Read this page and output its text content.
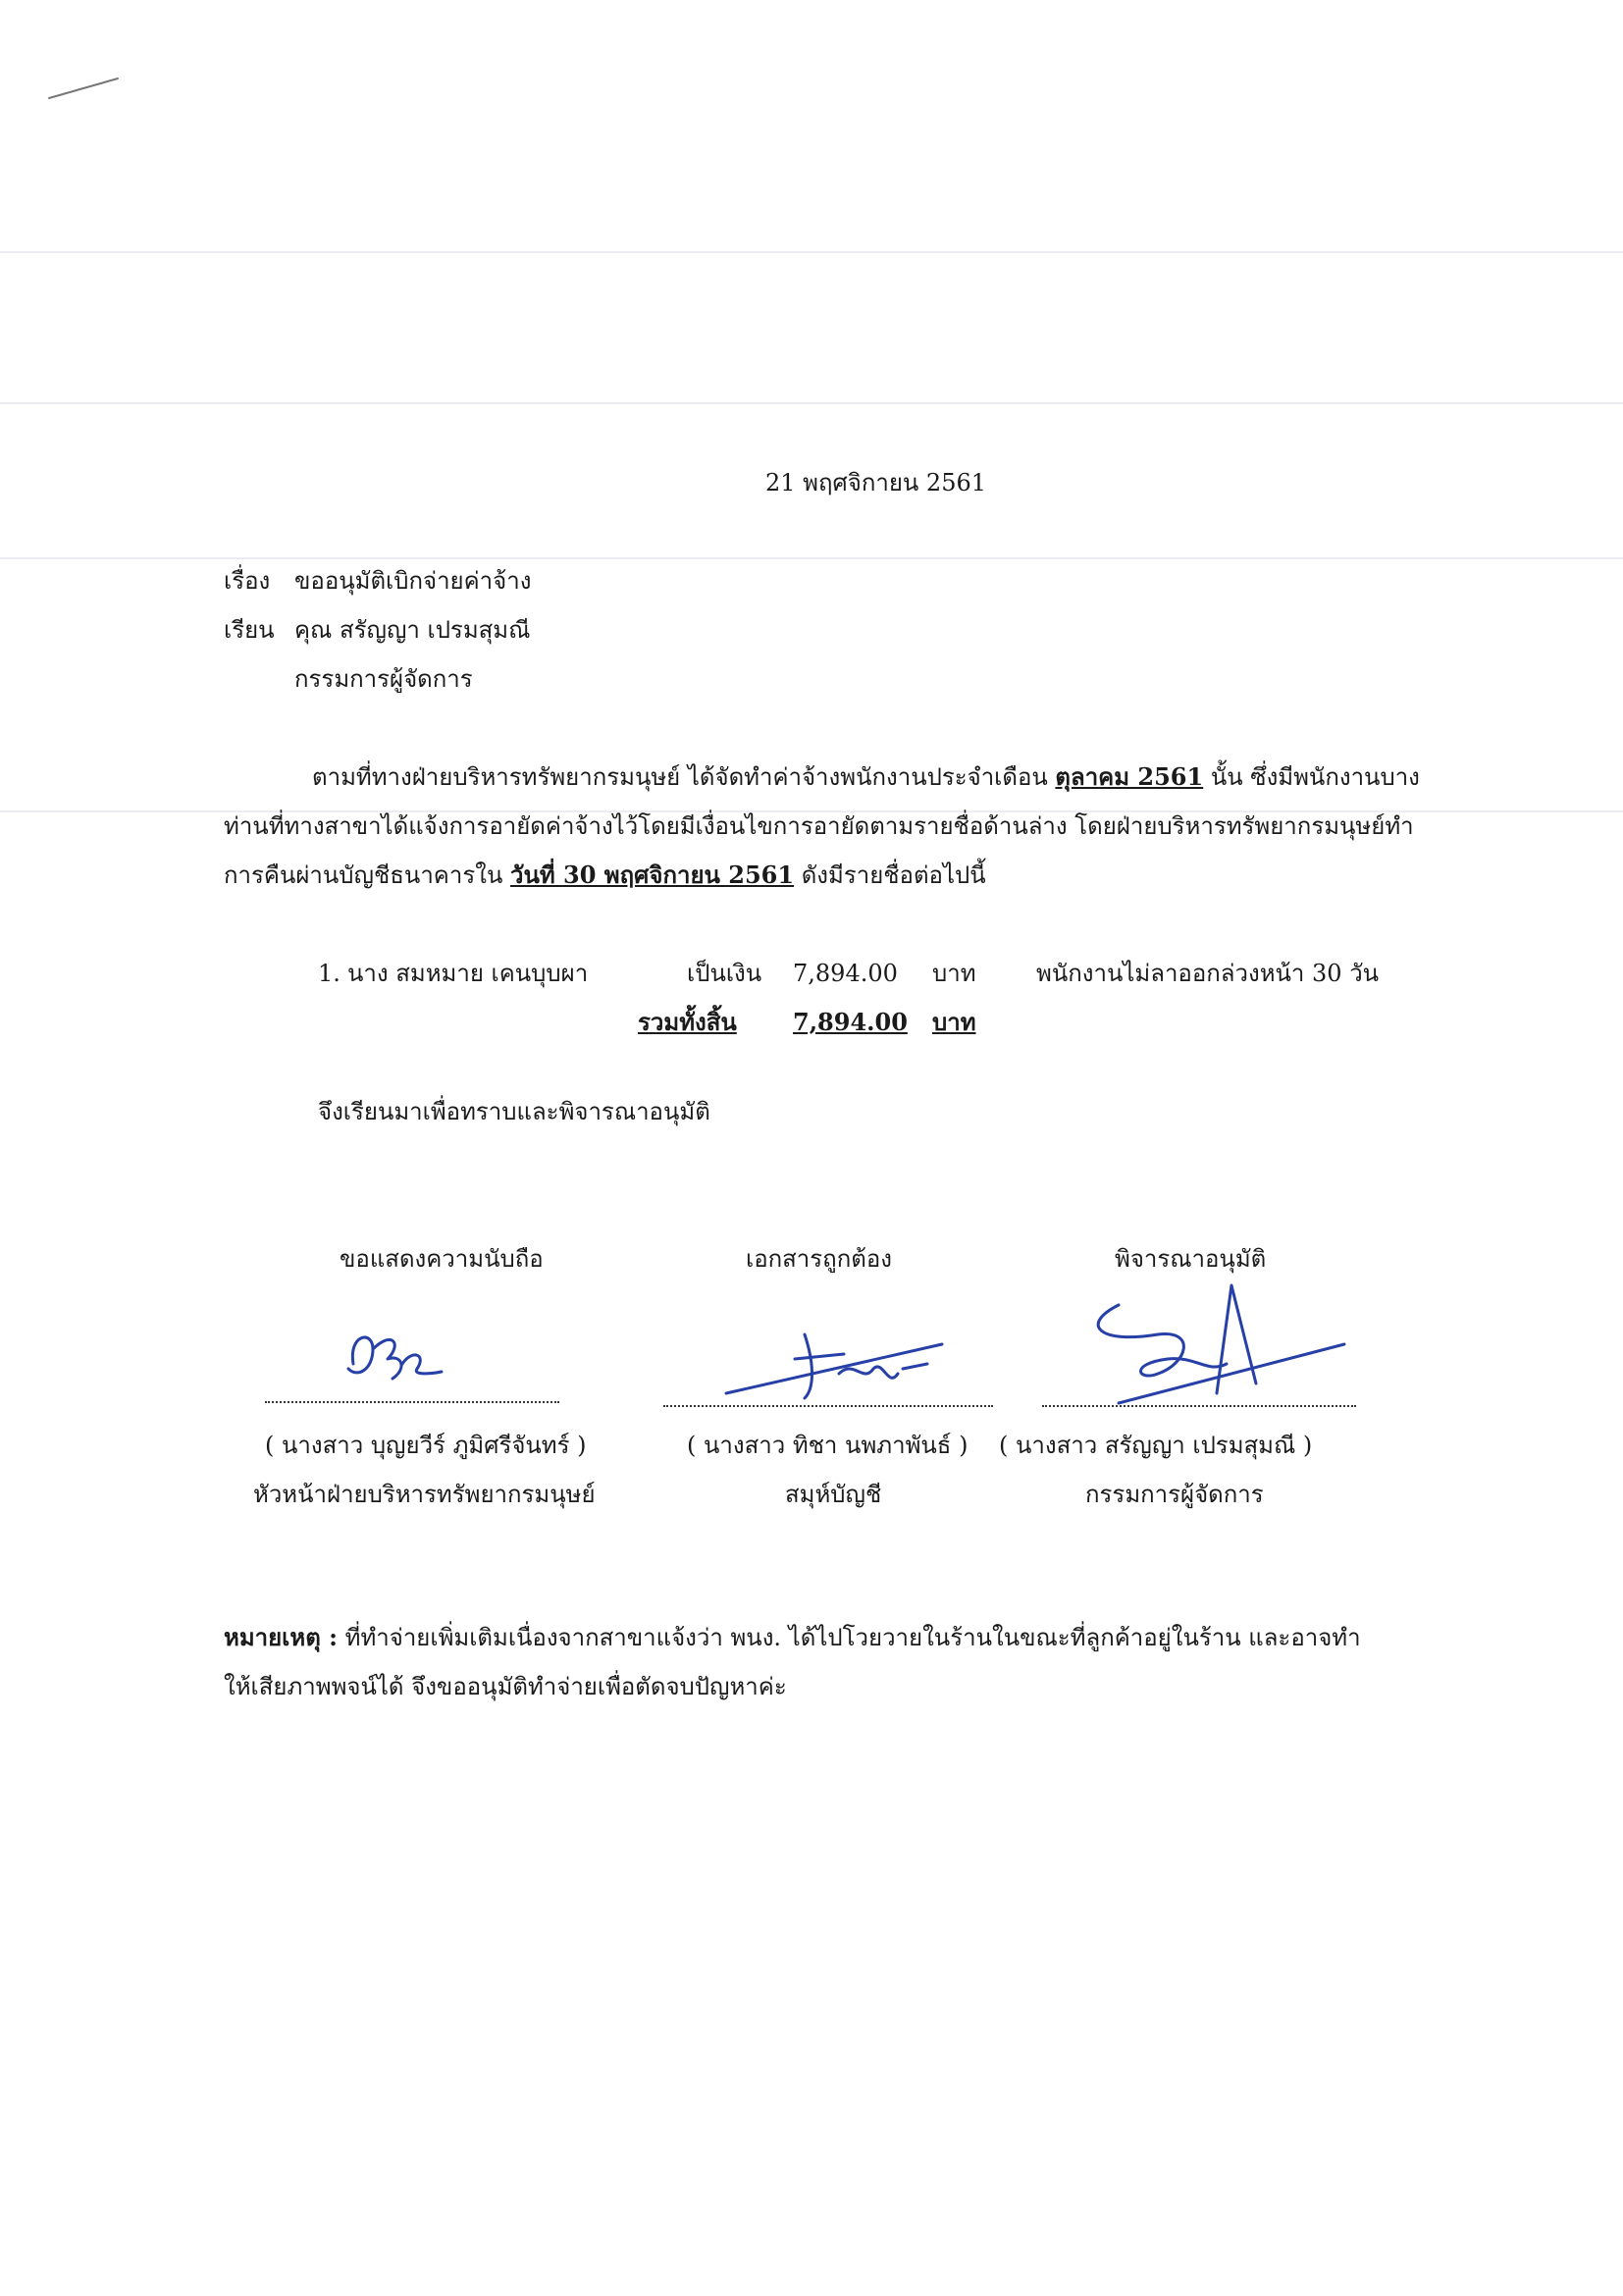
21 พฤศจิกายน 2561
เรื่อง ขออนุมัติเบิกจ่ายค่าจ้าง
เรียน คุณ สรัญญา เปรมสุมณี
กรรมการผู้จัดการ
ตามที่ทางฝ่ายบริหารทรัพยากรมนุษย์ ได้จัดทำค่าจ้างพนักงานประจำเดือน ตุลาคม 2561 นั้น ซึ่งมีพนักงานบาง
ท่านที่ทางสาขาได้แจ้งการอายัดค่าจ้างไว้โดยมีเงื่อนไขการอายัดตามรายชื่อด้านล่าง โดยฝ่ายบริหารทรัพยากรมนุษย์ทำ
การคืนผ่านบัญชีธนาคารใน วันที่ 30 พฤศจิกายน 2561 ดังมีรายชื่อต่อไปนี้
1. นาง สมหมาย เคนบุบผา	เป็นเงิน 7,894.00 บาท	พนักงานไม่ลาออกล่วงหน้า 30 วัน
รวมทั้งสิ้น 7,894.00 บาท
จึงเรียนมาเพื่อทราบและพิจารณาอนุมัติ
ขอแสดงความนับถือ
( นางสาว บุญยวีร์ ภูมิศรีจันทร์ )
หัวหน้าฝ่ายบริหารทรัพยากรมนุษย์
เอกสารถูกต้อง
( นางสาว ทิชา นพภาพันธ์ )
สมุห์บัญชี
พิจารณาอนุมัติ
( นางสาว สรัญญา เปรมสุมณี )
กรรมการผู้จัดการ
หมายเหตุ : ที่ทำจ่ายเพิ่มเติมเนื่องจากสาขาแจ้งว่า พนง. ได้ไปโวยวายในร้านในขณะที่ลูกค้าอยู่ในร้าน และอาจทำ
ให้เสียภาพพจน์ได้ จึงขออนุมัติทำจ่ายเพื่อตัดจบปัญหาค่ะ
